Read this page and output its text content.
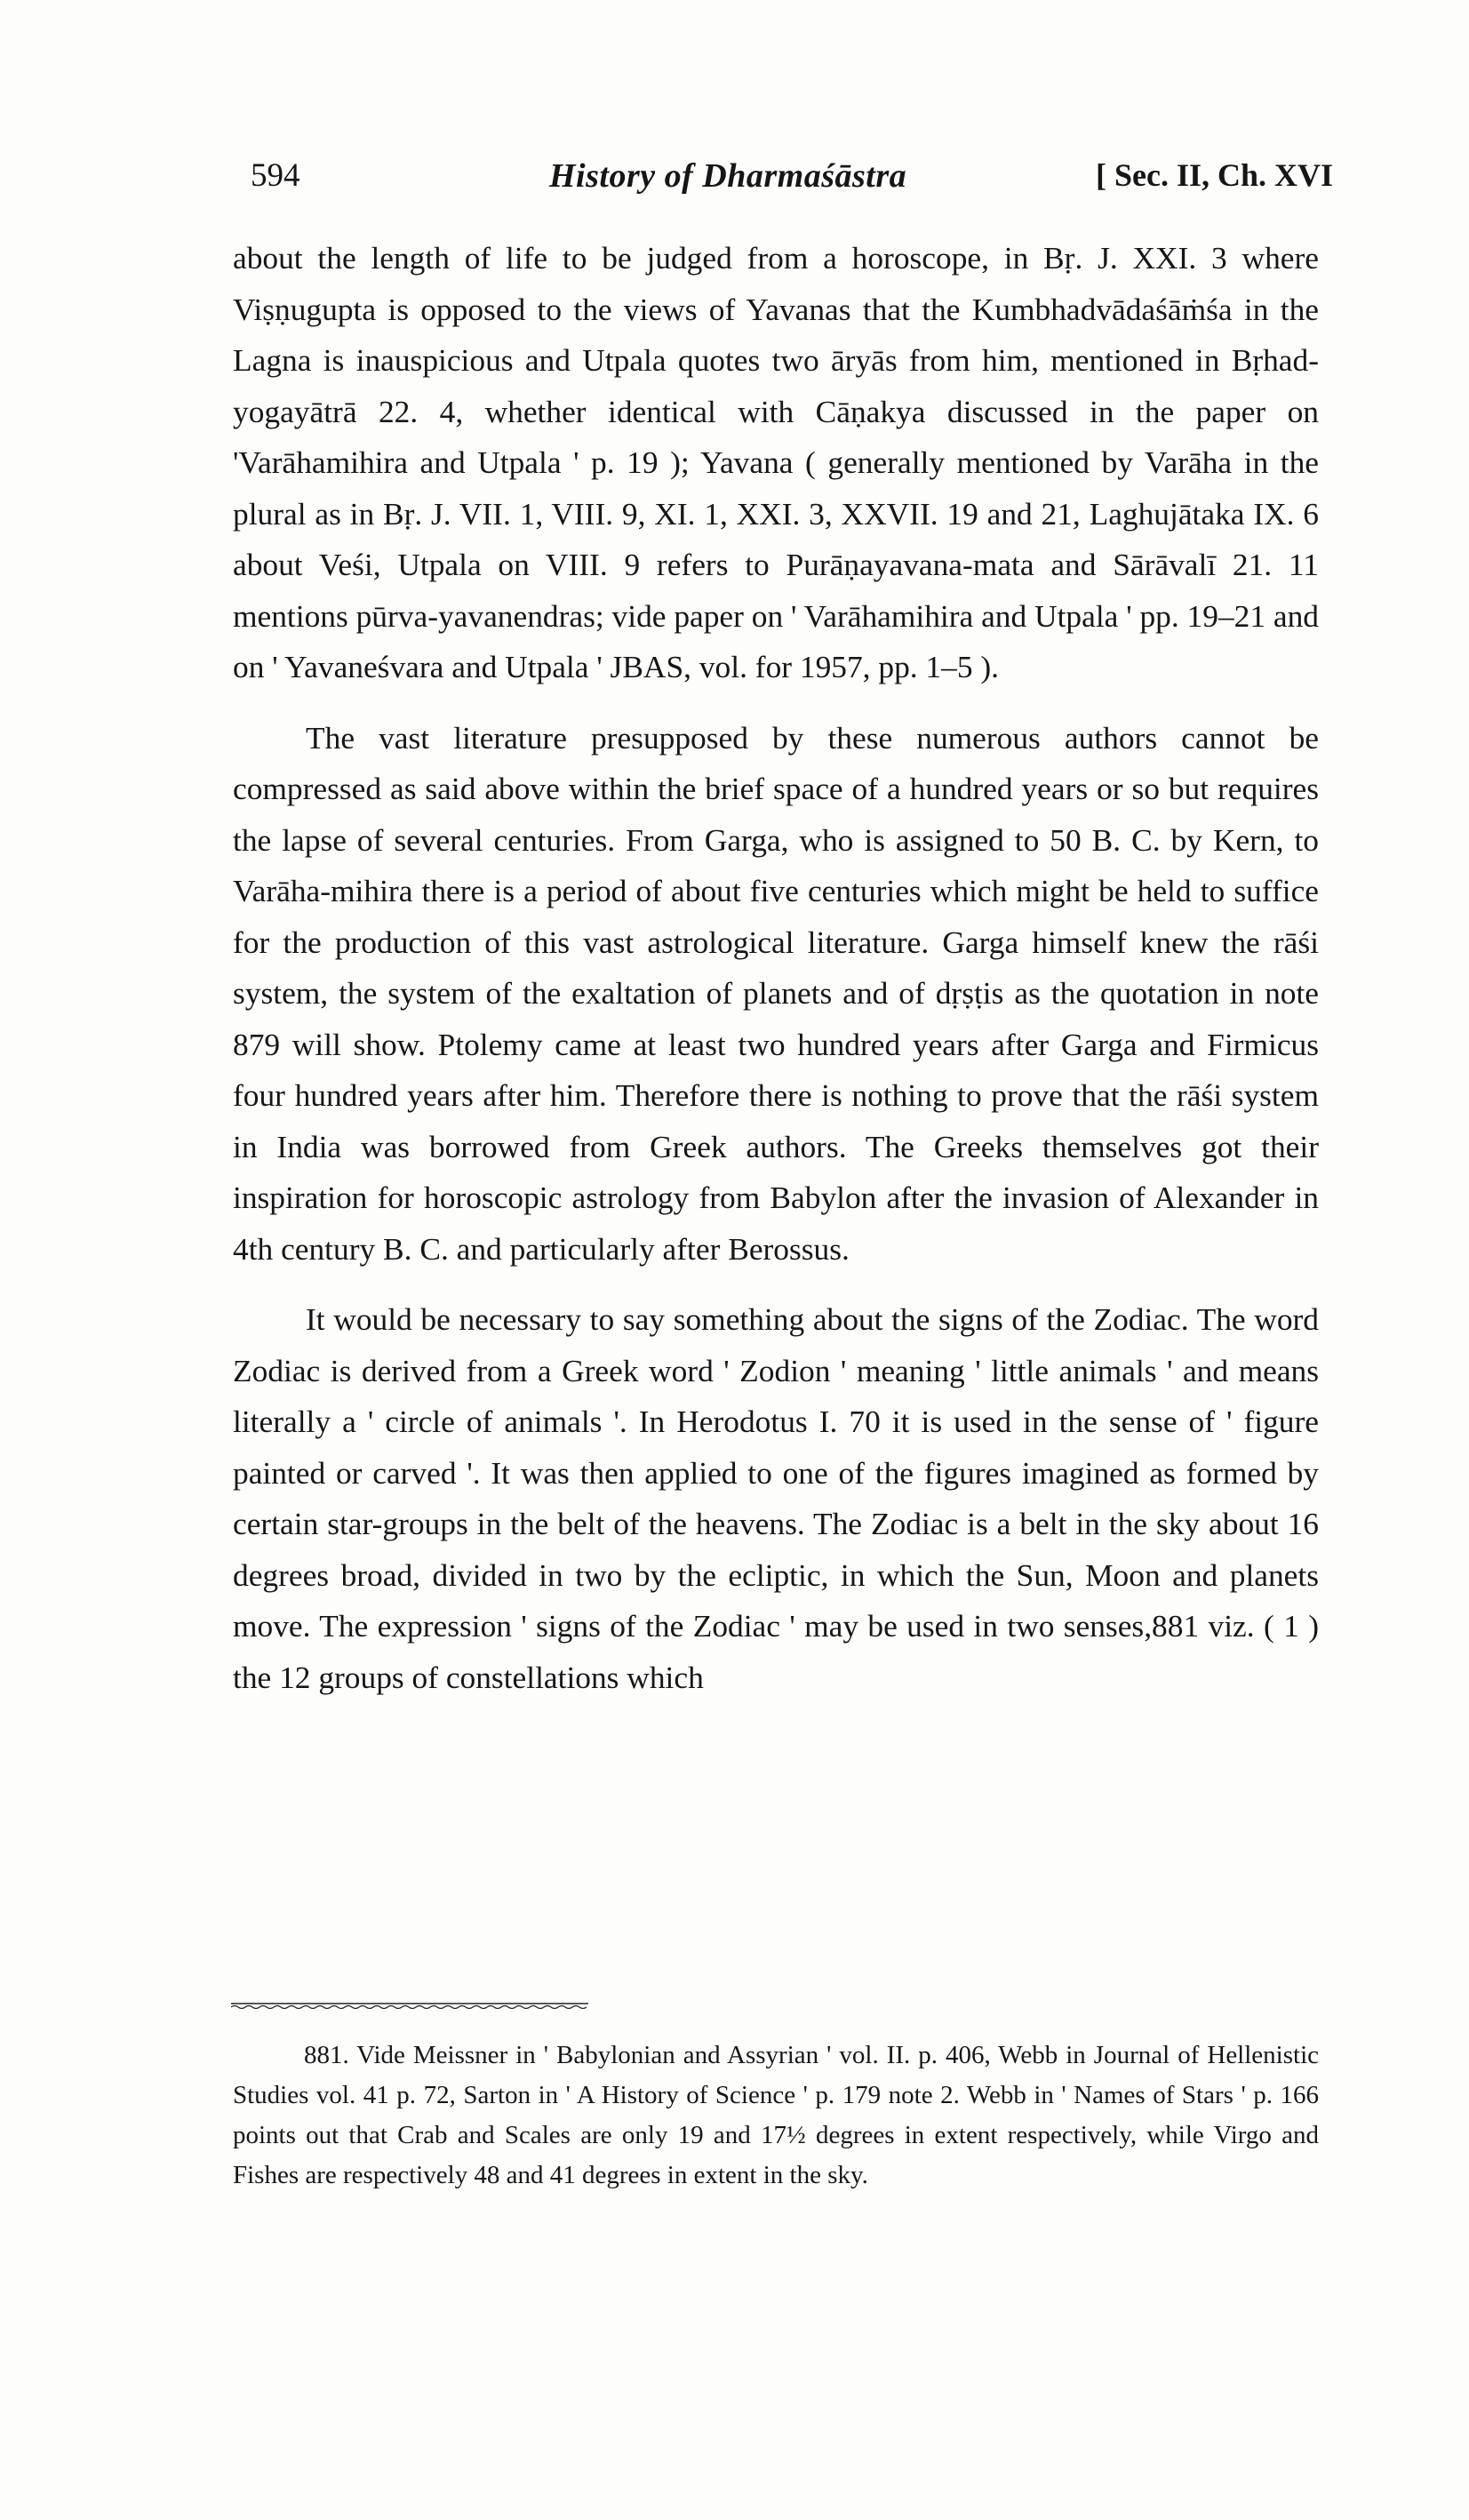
594	History of Dharmaśāstra	[ Sec. II, Ch. XVI

about the length of life to be judged from a horoscope, in Bṛ. J. XXI. 3 where Viṣṇugupta is opposed to the views of Yavanas that the Kumbhadvādaśāṁśa in the Lagna is inauspicious and Utpala quotes two āryās from him, mentioned in Bṛhad-yogayātrā 22. 4, whether identical with Cāṇakya discussed in the paper on 'Varāhamihira and Utpala ' p. 19 ); Yavana ( generally mentioned by Varāha in the plural as in Bṛ. J. VII. 1, VIII. 9, XI. 1, XXI. 3, XXVII. 19 and 21, Laghujātaka IX. 6 about Veśi, Utpala on VIII. 9 refers to Purāṇayavana-mata and Sārāvalī 21. 11 mentions pūrva-yavanendras; vide paper on ' Varāhamihira and Utpala ' pp. 19–21 and on ' Yavaneśvara and Utpala ' JBAS, vol. for 1957, pp. 1–5 ).

The vast literature presupposed by these numerous authors cannot be compressed as said above within the brief space of a hundred years or so but requires the lapse of several centuries. From Garga, who is assigned to 50 B. C. by Kern, to Varāha-mihira there is a period of about five centuries which might be held to suffice for the production of this vast astrological literature. Garga himself knew the rāśi system, the system of the exaltation of planets and of dṛṣṭis as the quotation in note 879 will show. Ptolemy came at least two hundred years after Garga and Firmicus four hundred years after him. Therefore there is nothing to prove that the rāśi system in India was borrowed from Greek authors. The Greeks themselves got their inspiration for horoscopic astrology from Babylon after the invasion of Alexander in 4th century B. C. and particularly after Berossus.

It would be necessary to say something about the signs of the Zodiac. The word Zodiac is derived from a Greek word ' Zodion ' meaning ' little animals ' and means literally a ' circle of animals '. In Herodotus I. 70 it is used in the sense of ' figure painted or carved '. It was then applied to one of the figures imagined as formed by certain star-groups in the belt of the heavens. The Zodiac is a belt in the sky about 16 degrees broad, divided in two by the ecliptic, in which the Sun, Moon and planets move. The expression ' signs of the Zodiac ' may be used in two senses,881 viz. ( 1 ) the 12 groups of constellations which

881. Vide Meissner in ' Babylonian and Assyrian ' vol. II. p. 406, Webb in Journal of Hellenistic Studies vol. 41 p. 72, Sarton in ' A History of Science ' p. 179 note 2. Webb in ' Names of Stars ' p. 166 points out that Crab and Scales are only 19 and 17½ degrees in extent respectively, while Virgo and Fishes are respectively 48 and 41 degrees in extent in the sky.
